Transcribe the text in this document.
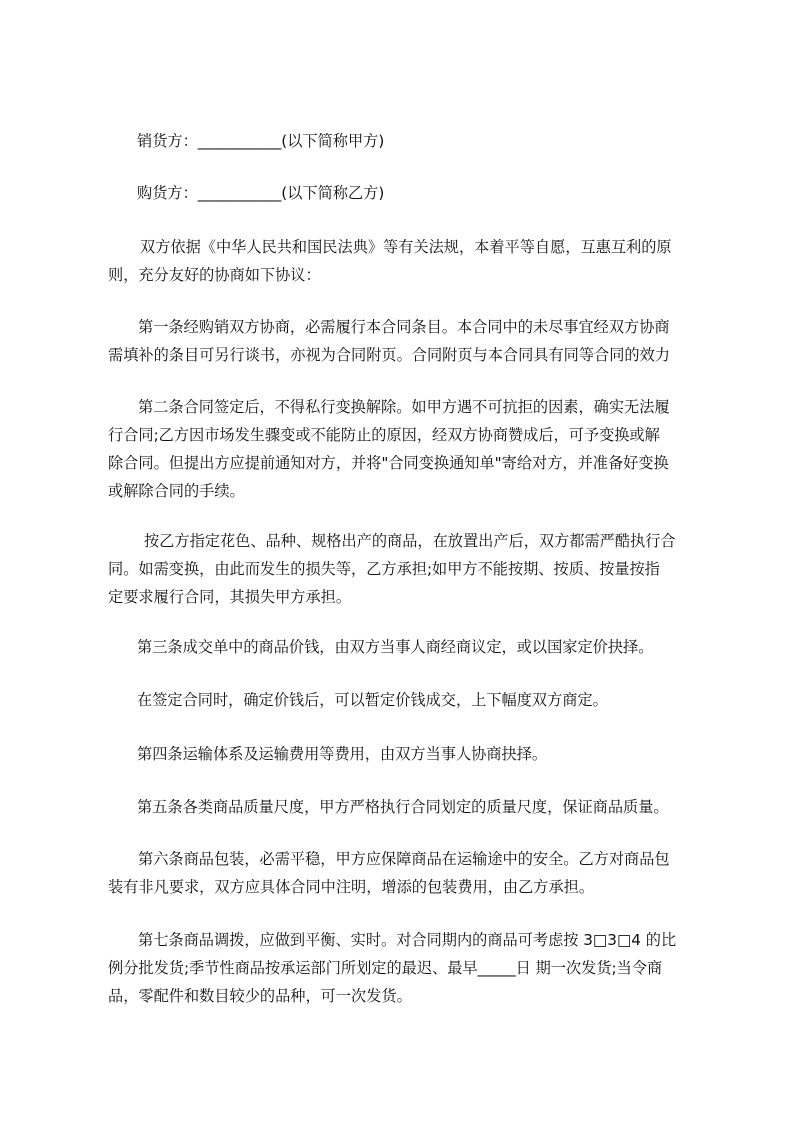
销货方：___________(以下简称甲方)
购货方：___________(以下简称乙方)
双方依据《中华人民共和国民法典》等有关法规，本着平等自愿，互惠互利的原
则，充分友好的协商如下协议：
第一条经购销双方协商，必需履行本合同条目。本合同中的未尽事宜经双方协商
需填补的条目可另行谈书，亦视为合同附页。合同附页与本合同具有同等合同的效力
第二条合同签定后，不得私行变换解除。如甲方遇不可抗拒的因素，确实无法履
行合同;乙方因市场发生骤变或不能防止的原因，经双方协商赞成后，可予变换或解
除合同。但提出方应提前通知对方，并将"合同变换通知单"寄给对方，并准备好变换
或解除合同的手续。
按乙方指定花色、品种、规格出产的商品，在放置出产后，双方都需严酷执行合
同。如需变换，由此而发生的损失等，乙方承担;如甲方不能按期、按质、按量按指
定要求履行合同，其损失甲方承担。
第三条成交单中的商品价钱，由双方当事人商经商议定，或以国家定价抉择。
在签定合同时，确定价钱后，可以暂定价钱成交，上下幅度双方商定。
第四条运输体系及运输费用等费用，由双方当事人协商抉择。
第五条各类商品质量尺度，甲方严格执行合同划定的质量尺度，保证商品质量。
第六条商品包装，必需平稳，甲方应保障商品在运输途中的安全。乙方对商品包
装有非凡要求，双方应具体合同中注明，增添的包装费用，由乙方承担。
第七条商品调拨，应做到平衡、实时。对合同期内的商品可考虑按 3□3□4 的比
例分批发货;季节性商品按承运部门所划定的最迟、最早_____日 期一次发货;当令商
品，零配件和数目较少的品种，可一次发货。
